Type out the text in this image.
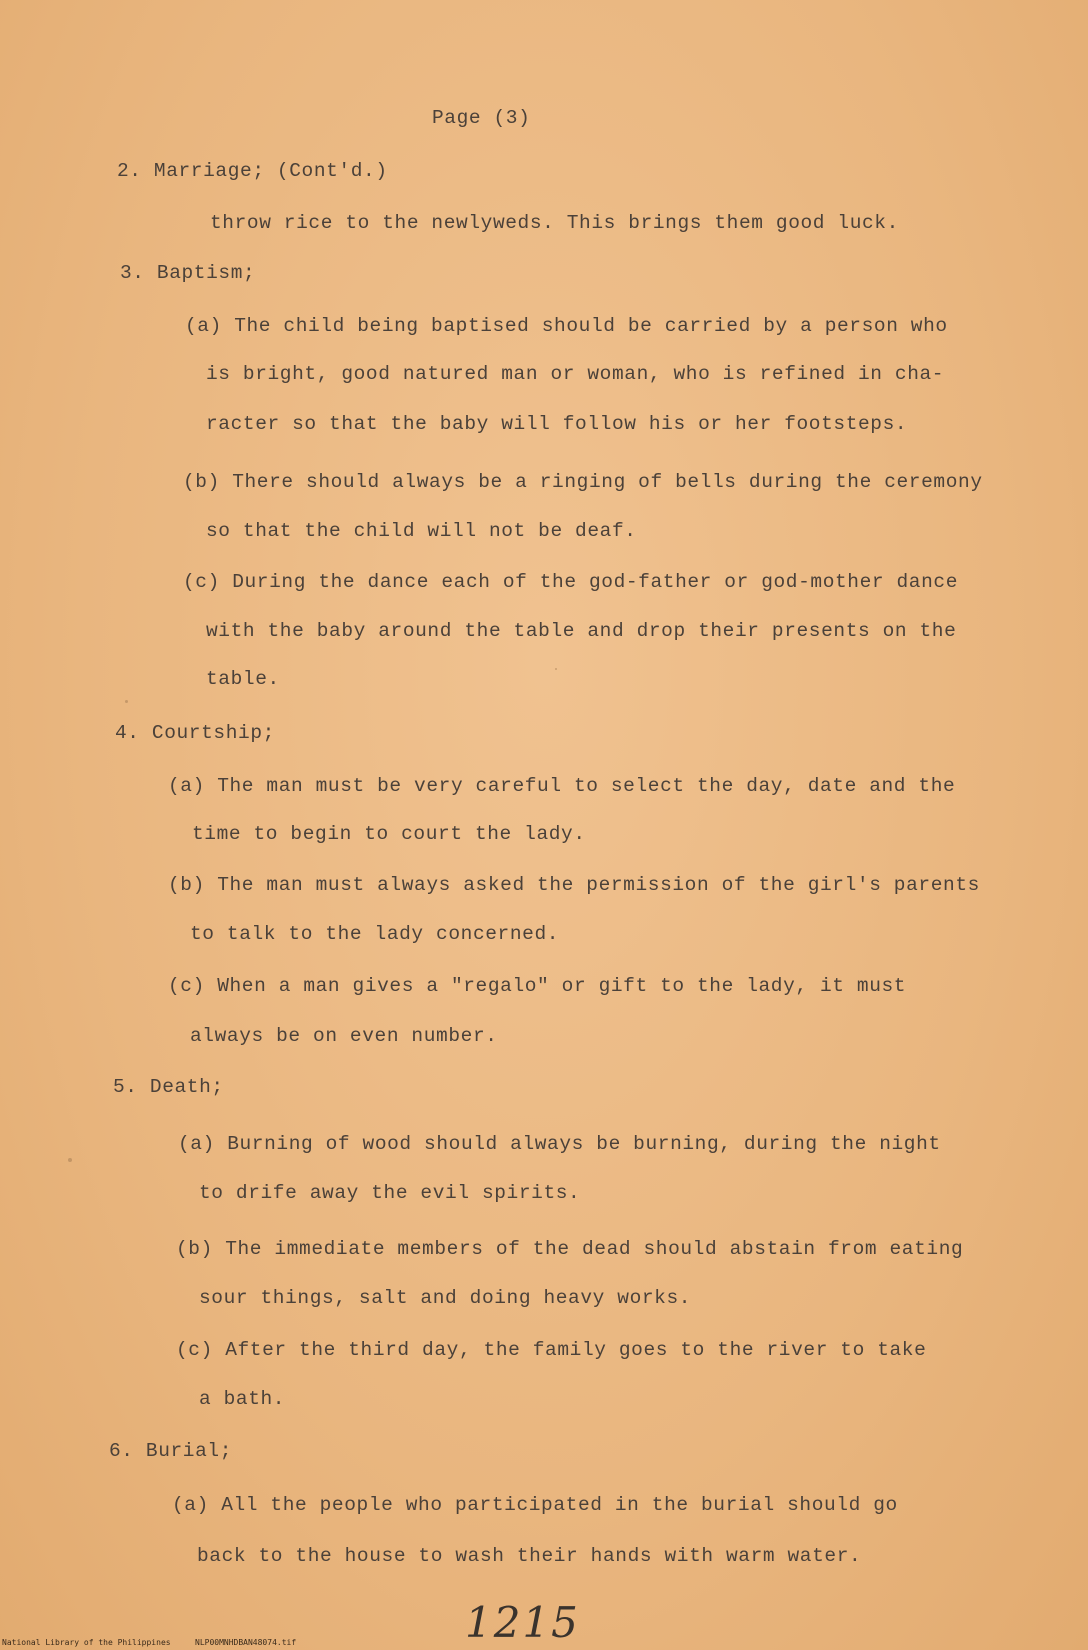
Page (3)
2. Marriage; (Cont'd.)
throw rice to the newlyweds. This brings them good luck.
3. Baptism;
(a) The child being baptised should be carried by a person who
is bright, good natured man or woman, who is refined in cha-
racter so that the baby will follow his or her footsteps.
(b) There should always be a ringing of bells during the ceremony
so that the child will not be deaf.
(c) During the dance each of the god-father or god-mother dance
with the baby around the table and drop their presents on the
table.
4. Courtship;
(a) The man must be very careful to select the day, date and the
time to begin to court the lady.
(b) The man must always asked the permission of the girl's parents
to talk to the lady concerned.
(c) When a man gives a "regalo" or gift to the lady, it must
always be on even number.
5. Death;
(a) Burning of wood should always be burning, during the night
to drife away the evil spirits.
(b) The immediate members of the dead should abstain from eating
sour things, salt and doing heavy works.
(c) After the third day, the family goes to the river to take
a bath.
6. Burial;
(a) All the people who participated in the burial should go
back to the house to wash their hands with warm water.
1215
National Library of the Philippines	NLP00MNHDBAN48074.tif
